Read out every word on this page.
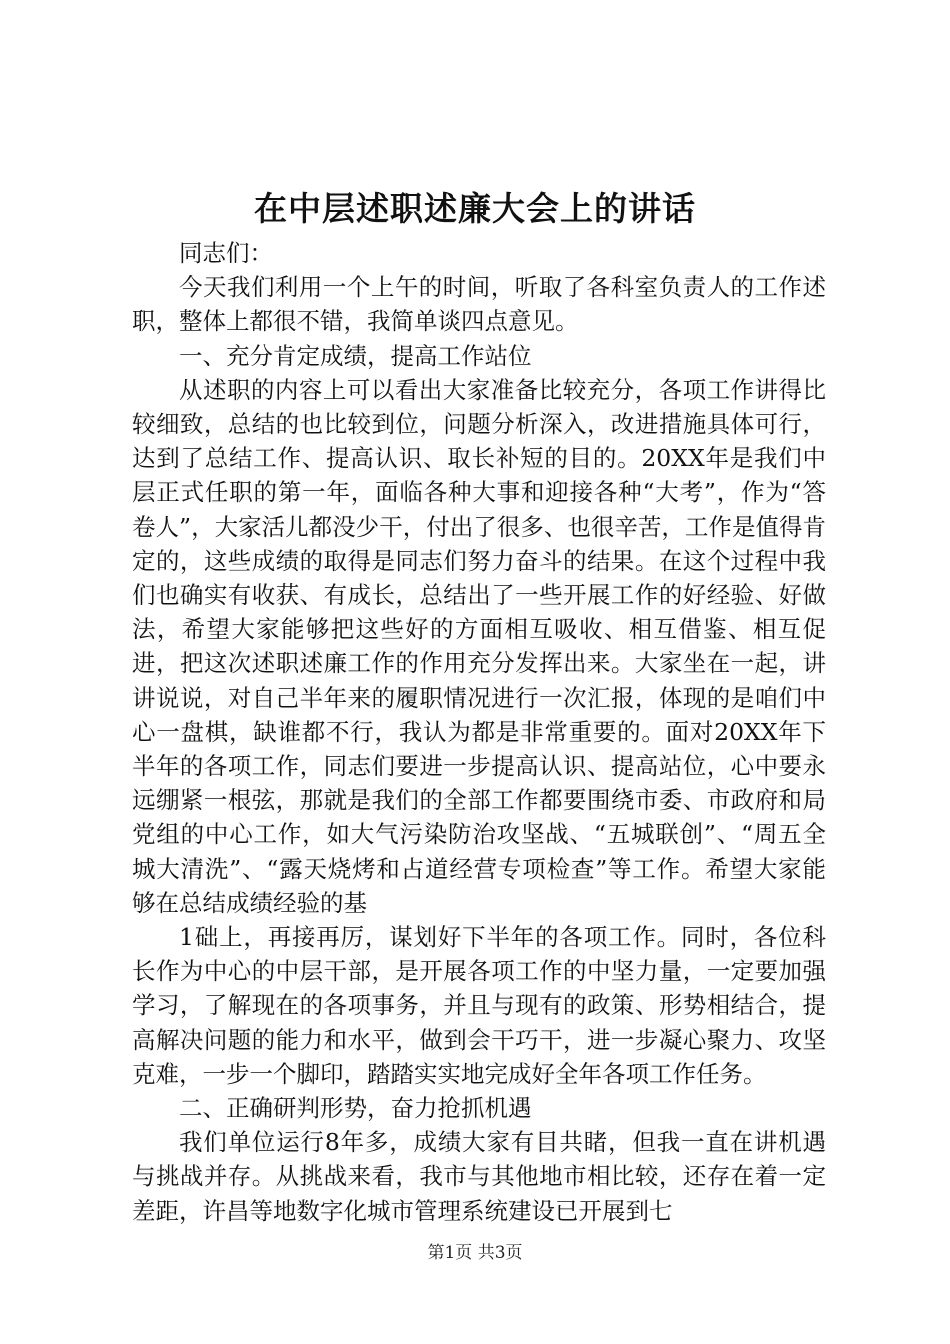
在中层述职述廉大会上的讲话

同志们：

今天我们利用一个上午的时间，听取了各科室负责人的工作述职，整体上都很不错，我简单谈四点意见。

一、充分肯定成绩，提高工作站位

从述职的内容上可以看出大家准备比较充分，各项工作讲得比较细致，总结的也比较到位，问题分析深入，改进措施具体可行，达到了总结工作、提高认识、取长补短的目的。20XX年是我们中层正式任职的第一年，面临各种大事和迎接各种“大考”，作为“答卷人”，大家活儿都没少干，付出了很多、也很辛苦，工作是值得肯定的，这些成绩的取得是同志们努力奋斗的结果。在这个过程中我们也确实有收获、有成长，总结出了一些开展工作的好经验、好做法，希望大家能够把这些好的方面相互吸收、相互借鉴、相互促进，把这次述职述廉工作的作用充分发挥出来。大家坐在一起，讲讲说说，对自己半年来的履职情况进行一次汇报，体现的是咱们中心一盘棋，缺谁都不行，我认为都是非常重要的。面对20XX年下半年的各项工作，同志们要进一步提高认识、提高站位，心中要永远绷紧一根弦，那就是我们的全部工作都要围绕市委、市政府和局党组的中心工作，如大气污染防治攻坚战、“五城联创”、“周五全城大清洗”、“露天烧烤和占道经营专项检查”等工作。希望大家能够在总结成绩经验的基

1础上，再接再厉，谋划好下半年的各项工作。同时，各位科长作为中心的中层干部，是开展各项工作的中坚力量，一定要加强学习，了解现在的各项事务，并且与现有的政策、形势相结合，提高解决问题的能力和水平，做到会干巧干，进一步凝心聚力、攻坚克难，一步一个脚印，踏踏实实地完成好全年各项工作任务。

二、正确研判形势，奋力抢抓机遇

我们单位运行8年多，成绩大家有目共睹，但我一直在讲机遇与挑战并存。从挑战来看，我市与其他地市相比较，还存在着一定差距，许昌等地数字化城市管理系统建设已开展到七

第1页 共3页
